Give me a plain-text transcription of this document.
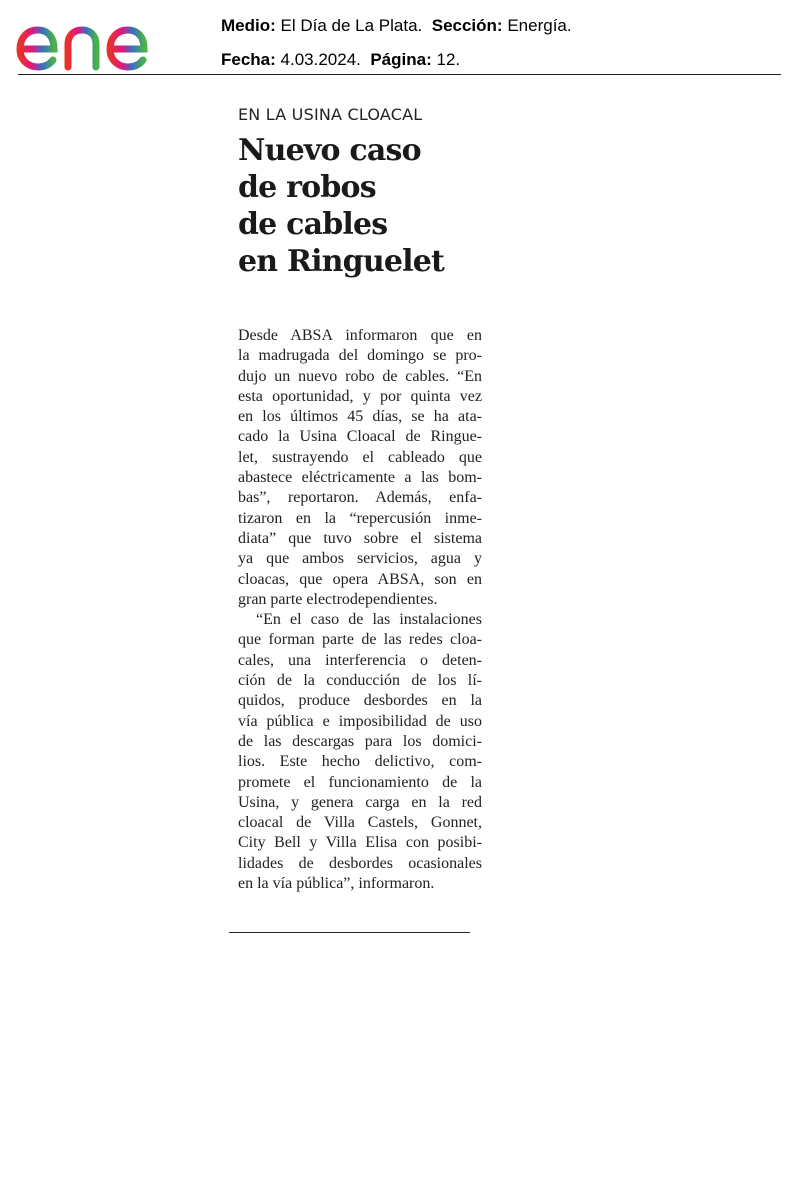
Medio: El Día de La Plata. Sección: Energía.
Fecha: 4.03.2024. Página: 12.

EN LA USINA CLOACAL

Nuevo caso
de robos
de cables
en Ringuelet
Desde ABSA informaron que en
la madrugada del domingo se pro-
dujo un nuevo robo de cables. “En
esta oportunidad, y por quinta vez
en los últimos 45 días, se ha ata-
cado la Usina Cloacal de Ringue-
let, sustrayendo el cableado que
abastece eléctricamente a las bom-
bas”, reportaron. Además, enfa-
tizaron en la “repercusión inme-
diata” que tuvo sobre el sistema
ya que ambos servicios, agua y
cloacas, que opera ABSA, son en
gran parte electrodependientes.
“En el caso de las instalaciones
que forman parte de las redes cloa-
cales, una interferencia o deten-
ción de la conducción de los lí-
quidos, produce desbordes en la
vía pública e imposibilidad de uso
de las descargas para los domici-
lios. Este hecho delictivo, com-
promete el funcionamiento de la
Usina, y genera carga en la red
cloacal de Villa Castels, Gonnet,
City Bell y Villa Elisa con posibi-
lidades de desbordes ocasionales
en la vía pública”, informaron.
